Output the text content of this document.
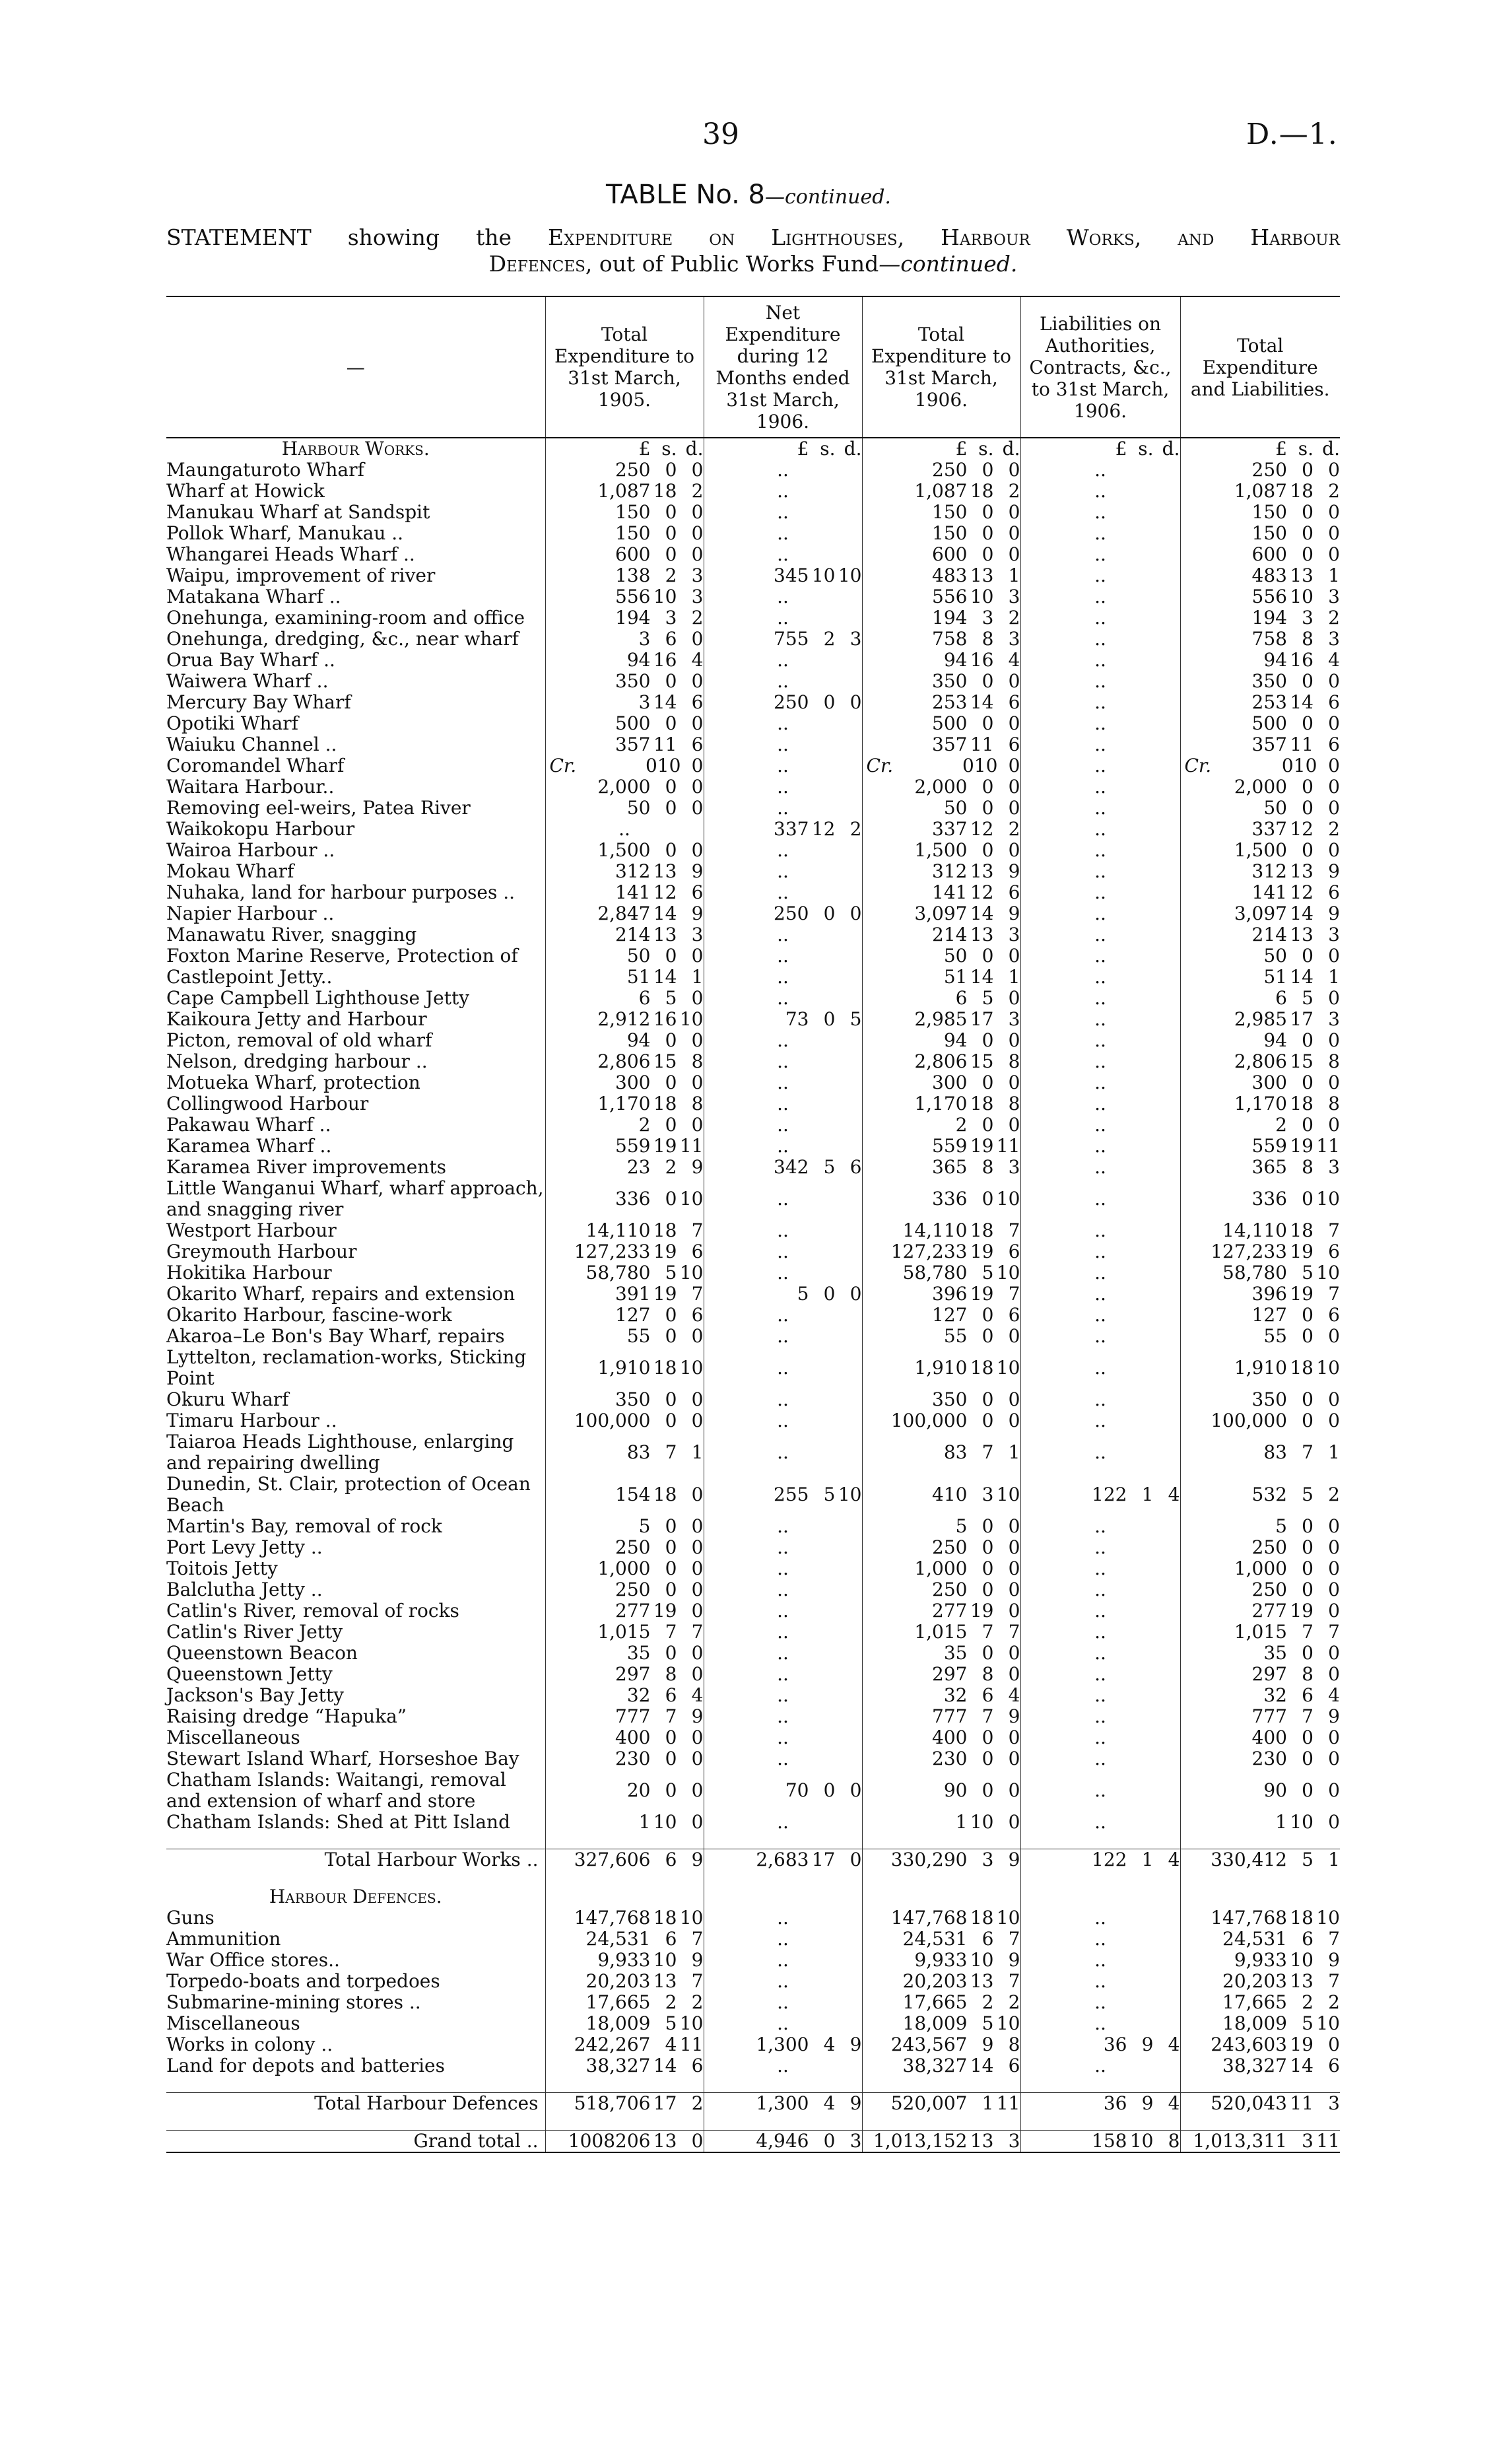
39	D.—1.
TABLE No. 8—continued.
STATEMENT showing the Expenditure on Lighthouses, Harbour Works, and Harbour
Defences, out of Public Works Fund—continued.
—	Total Expenditure to 31st March, 1905.	Net Expenditure during 12 Months ended 31st March, 1906.	Total Expenditure to 31st March, 1906.	Liabilities on Authorities, Contracts, &c., to 31st March, 1906.	Total Expenditure and Liabilities.
Harbour Works.	£ s. d.	£ s. d.	£ s. d.	£ s. d.	£ s. d.

Maungaturoto Wharf	250 0 0	..	250 0 0	..	250 0 0

Wharf at Howick	1,087 18 2	..	1,087 18 2	..	1,087 18 2

Manukau Wharf at Sandspit	150 0 0	..	150 0 0	..	150 0 0

Pollok Wharf, Manukau ..	150 0 0	..	150 0 0	..	150 0 0

Whangarei Heads Wharf ..	600 0 0	..	600 0 0	..	600 0 0

Waipu, improvement of river	138 2 3	345 10 10	483 13 1	..	483 13 1

Matakana Wharf ..	556 10 3	..	556 10 3	..	556 10 3

Onehunga, examining-room and office	194 3 2	..	194 3 2	..	194 3 2

Onehunga, dredging, &c., near wharf	3 6 0	755 2 3	758 8 3	..	758 8 3

Orua Bay Wharf ..	94 16 4	..	94 16 4	..	94 16 4

Waiwera Wharf ..	350 0 0	..	350 0 0	..	350 0 0

Mercury Bay Wharf	3 14 6	250 0 0	253 14 6	..	253 14 6

Opotiki Wharf	500 0 0	..	500 0 0	..	500 0 0

Waiuku Channel ..	357 11 6	..	357 11 6	..	357 11 6

Coromandel Wharf	Cr. 0 10 0	..	Cr. 0 10 0	..	Cr. 0 10 0

Waitara Harbour..	2,000 0 0	..	2,000 0 0	..	2,000 0 0

Removing eel-weirs, Patea River	50 0 0	..	50 0 0	..	50 0 0

Waikokopu Harbour	..	337 12 2	337 12 2	..	337 12 2

Wairoa Harbour ..	1,500 0 0	..	1,500 0 0	..	1,500 0 0

Mokau Wharf	312 13 9	..	312 13 9	..	312 13 9

Nuhaka, land for harbour purposes ..	141 12 6	..	141 12 6	..	141 12 6

Napier Harbour ..	2,847 14 9	250 0 0	3,097 14 9	..	3,097 14 9

Manawatu River, snagging	214 13 3	..	214 13 3	..	214 13 3

Foxton Marine Reserve, Protection of	50 0 0	..	50 0 0	..	50 0 0

Castlepoint Jetty..	51 14 1	..	51 14 1	..	51 14 1

Cape Campbell Lighthouse Jetty	6 5 0	..	6 5 0	..	6 5 0

Kaikoura Jetty and Harbour	2,912 16 10	73 0 5	2,985 17 3	..	2,985 17 3

Picton, removal of old wharf	94 0 0	..	94 0 0	..	94 0 0

Nelson, dredging harbour ..	2,806 15 8	..	2,806 15 8	..	2,806 15 8

Motueka Wharf, protection	300 0 0	..	300 0 0	..	300 0 0

Collingwood Harbour	1,170 18 8	..	1,170 18 8	..	1,170 18 8

Pakawau Wharf ..	2 0 0	..	2 0 0	..	2 0 0

Karamea Wharf ..	559 19 11	..	559 19 11	..	559 19 11

Karamea River improvements	23 2 9	342 5 6	365 8 3	..	365 8 3

Little Wanganui Wharf, wharf approach, and snagging river	336 0 10	..	336 0 10	..	336 0 10

Westport Harbour	14,110 18 7	..	14,110 18 7	..	14,110 18 7

Greymouth Harbour	127,233 19 6	..	127,233 19 6	..	127,233 19 6

Hokitika Harbour	58,780 5 10	..	58,780 5 10	..	58,780 5 10

Okarito Wharf, repairs and extension	391 19 7	5 0 0	396 19 7	..	396 19 7

Okarito Harbour, fascine-work	127 0 6	..	127 0 6	..	127 0 6

Akaroa–Le Bon's Bay Wharf, repairs	55 0 0	..	55 0 0	..	55 0 0

Lyttelton, reclamation-works, Sticking Point	1,910 18 10	..	1,910 18 10	..	1,910 18 10

Okuru Wharf	350 0 0	..	350 0 0	..	350 0 0

Timaru Harbour ..	100,000 0 0	..	100,000 0 0	..	100,000 0 0

Taiaroa Heads Lighthouse, enlarging and repairing dwelling	83 7 1	..	83 7 1	..	83 7 1

Dunedin, St. Clair, protection of Ocean Beach	154 18 0	255 5 10	410 3 10	122 1 4	532 5 2

Martin's Bay, removal of rock	5 0 0	..	5 0 0	..	5 0 0

Port Levy Jetty ..	250 0 0	..	250 0 0	..	250 0 0

Toitois Jetty	1,000 0 0	..	1,000 0 0	..	1,000 0 0

Balclutha Jetty ..	250 0 0	..	250 0 0	..	250 0 0

Catlin's River, removal of rocks	277 19 0	..	277 19 0	..	277 19 0

Catlin's River Jetty	1,015 7 7	..	1,015 7 7	..	1,015 7 7

Queenstown Beacon	35 0 0	..	35 0 0	..	35 0 0

Queenstown Jetty	297 8 0	..	297 8 0	..	297 8 0

Jackson's Bay Jetty	32 6 4	..	32 6 4	..	32 6 4

Raising dredge “Hapuka”	777 7 9	..	777 7 9	..	777 7 9

Miscellaneous	400 0 0	..	400 0 0	..	400 0 0

Stewart Island Wharf, Horseshoe Bay	230 0 0	..	230 0 0	..	230 0 0

Chatham Islands: Waitangi, removal and extension of wharf and store	20 0 0	70 0 0	90 0 0	..	90 0 0

Chatham Islands: Shed at Pitt Island	1 10 0	..	1 10 0	..	1 10 0

Total Harbour Works ..	327,606 6 9	2,683 17 0	330,290 3 9	122 1 4	330,412 5 1

Harbour Defences.					
Guns	147,768 18 10	..	147,768 18 10	..	147,768 18 10

Ammunition	24,531 6 7	..	24,531 6 7	..	24,531 6 7

War Office stores..	9,933 10 9	..	9,933 10 9	..	9,933 10 9

Torpedo-boats and torpedoes	20,203 13 7	..	20,203 13 7	..	20,203 13 7

Submarine-mining stores ..	17,665 2 2	..	17,665 2 2	..	17,665 2 2

Miscellaneous	18,009 5 10	..	18,009 5 10	..	18,009 5 10

Works in colony ..	242,267 4 11	1,300 4 9	243,567 9 8	36 9 4	243,603 19 0

Land for depots and batteries	38,327 14 6	..	38,327 14 6	..	38,327 14 6

Total Harbour Defences	518,706 17 2	1,300 4 9	520,007 1 11	36 9 4	520,043 11 3

Grand total ..	1008206 13 0	4,946 0 3	1,013,152 13 3	158 10 8	1,013,311 3 11
